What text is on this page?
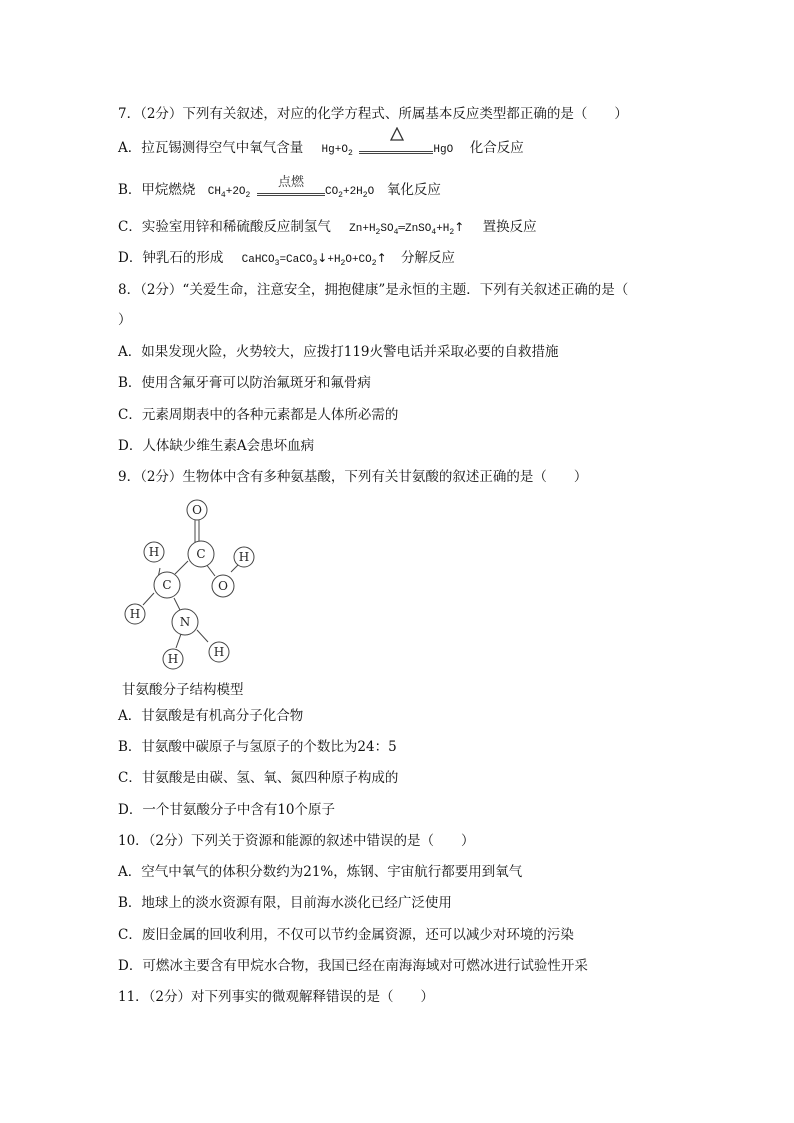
7．（2分）下列有关叙述，对应的化学方程式、所属基本反应类型都正确的是（　　）
A．拉瓦锡测得空气中氧气含量 $Hg+O_2$	HgO 化合反应
B．甲烷燃烧 $CH_4+2O_2$
点燃
$CO_2+2H_2O$ 氧化反应
C．实验室用锌和稀硫酸反应制氢气 $Zn+H_2SO_4═ZnSO_4+H_2↑$ 置换反应
D．钟乳石的形成 $CaHCO_3=CaCO_3↓+H_2O+CO_2↑$ 分解反应
8．（2分）“关爱生命，注意安全，拥抱健康”是永恒的主题．下列有关叙述正确的是（
）
A．如果发现火险，火势较大，应拨打119火警电话并采取必要的自救措施
B．使用含氟牙膏可以防治氟斑牙和氟骨病
C．元素周期表中的各种元素都是人体所必需的
D．人体缺少维生素A会患坏血病
9．（2分）生物体中含有多种氨基酸，下列有关甘氨酸的叙述正确的是（　　）
O
C	H
O
H
C
H
N
H	H
甘氨酸分子结构模型
A．甘氨酸是有机高分子化合物
B．甘氨酸中碳原子与氢原子的个数比为24：5
C．甘氨酸是由碳、氢、氧、氮四种原子构成的
D．一个甘氨酸分子中含有10个原子
10．（2分）下列关于资源和能源的叙述中错误的是（　　）
A．空气中氧气的体积分数约为21%，炼钢、宇宙航行都要用到氧气
B．地球上的淡水资源有限，目前海水淡化已经广泛使用
C．废旧金属的回收利用，不仅可以节约金属资源，还可以减少对环境的污染
D．可燃冰主要含有甲烷水合物，我国已经在南海海域对可燃冰进行试验性开采
11．（2分）对下列事实的微观解释错误的是（　　）
